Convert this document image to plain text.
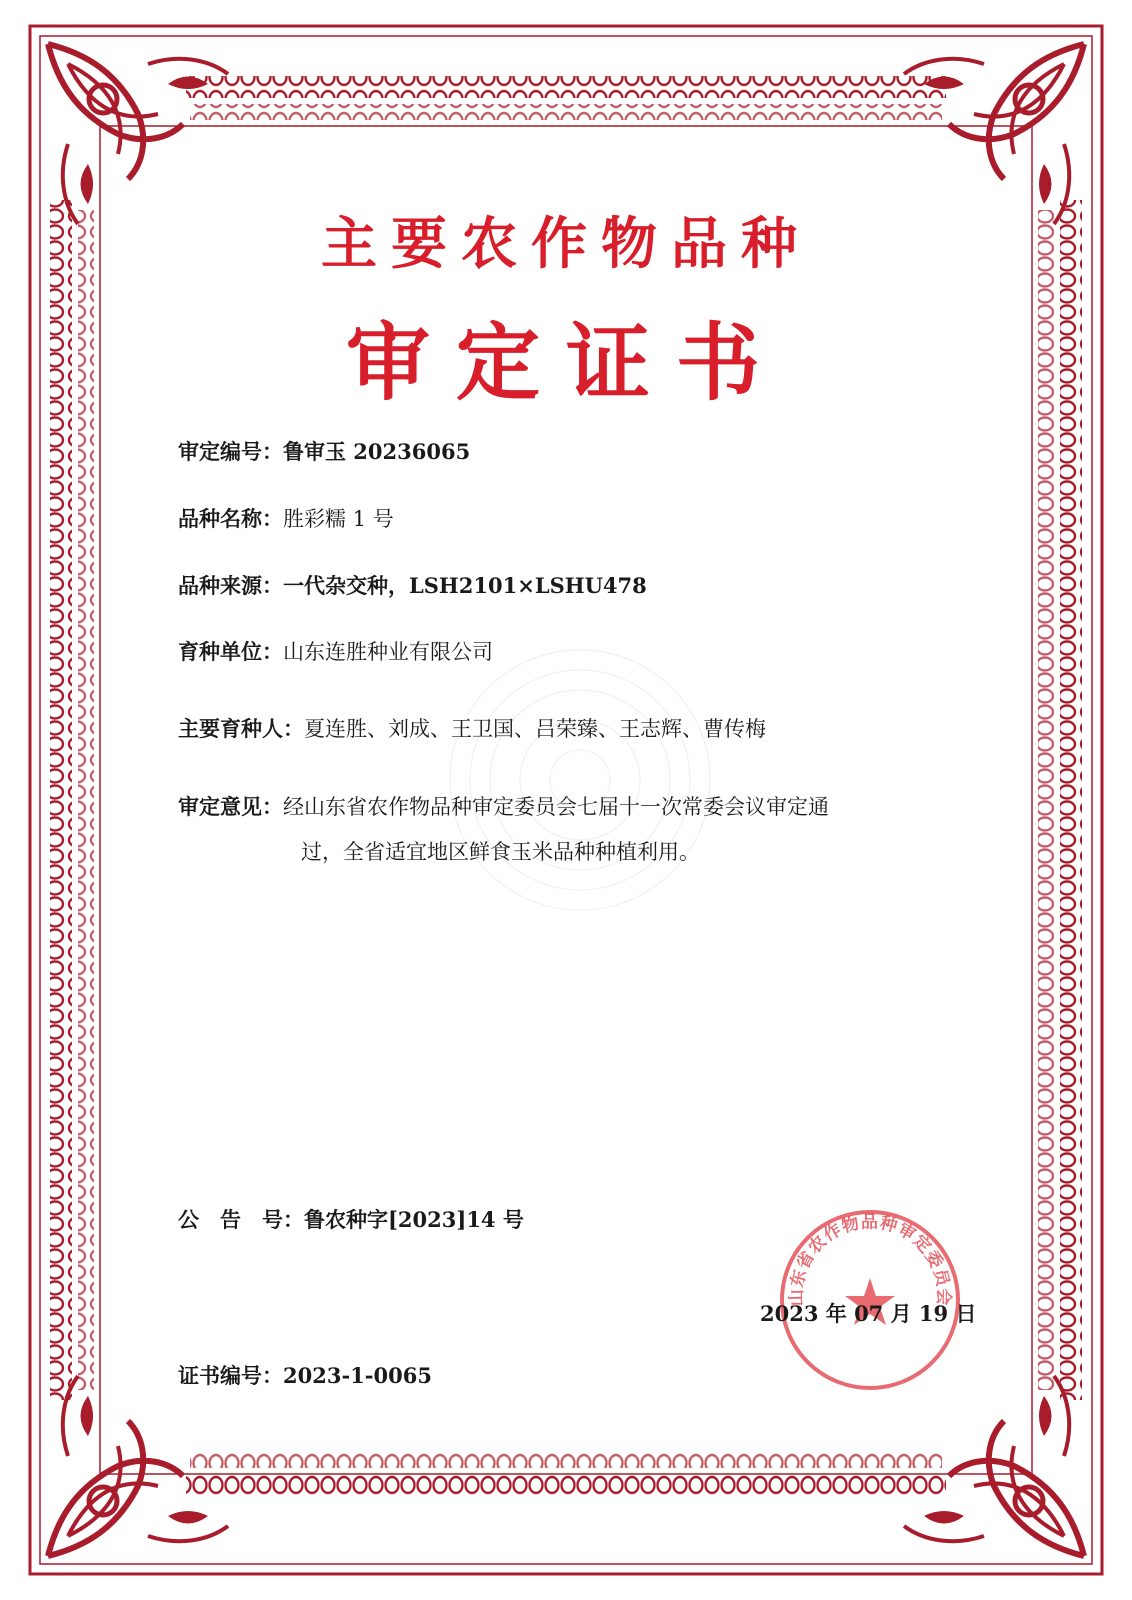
主要农作物品种
审定证书
审定编号：鲁审玉 20236065
品种名称：胜彩糯 1 号
品种来源：一代杂交种，LSH2101×LSHU478
育种单位：山东连胜种业有限公司
主要育种人：夏连胜、刘成、王卫国、吕荣臻、王志辉、曹传梅
审定意见：经山东省农作物品种审定委员会七届十一次常委会议审定通
过，全省适宜地区鲜食玉米品种种植利用。
公　告　号：鲁农种字[2023]14 号
山东省农作物品种审定委员会
2023 年 07 月 19 日
证书编号：2023-1-0065
